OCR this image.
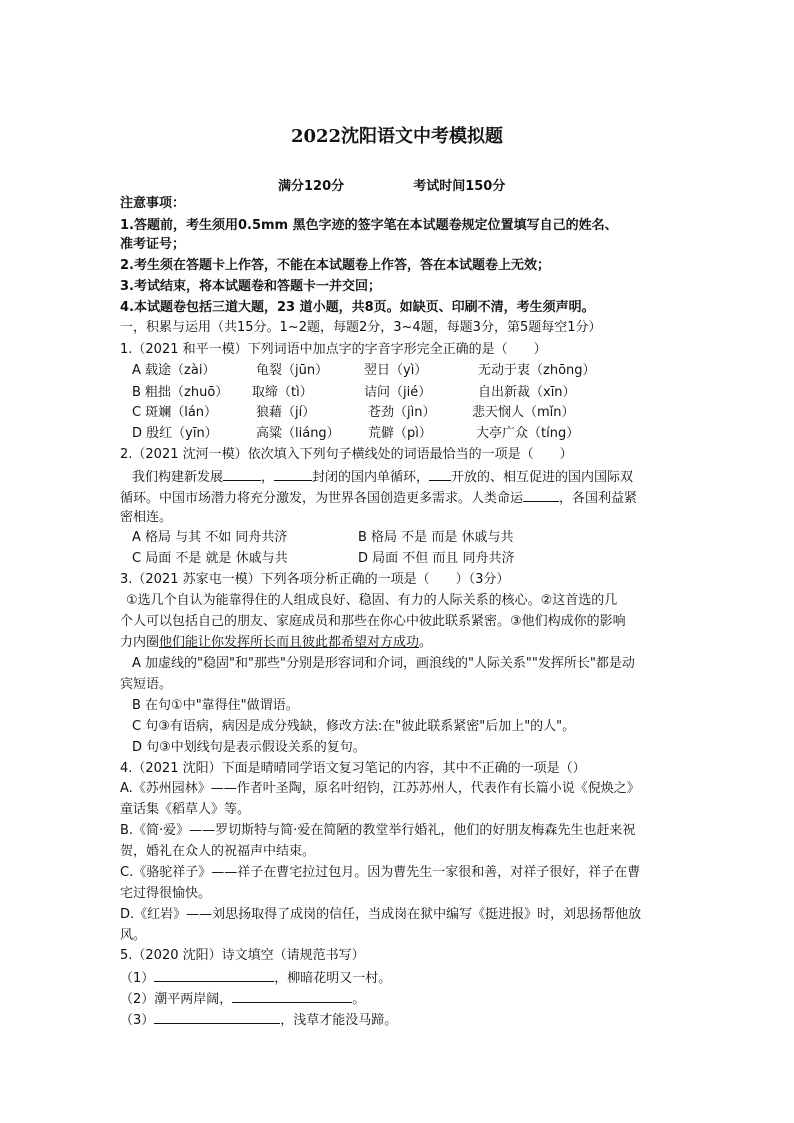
2022沈阳语文中考模拟题
满分120分	考试时间150分
注意事项：
1.答题前，考生须用0.5mm 黑色字迹的签字笔在本试题卷规定位置填写自己的姓名、
准考证号；
2.考生须在答题卡上作答，不能在本试题卷上作答，答在本试题卷上无效；
3.考试结束，将本试题卷和答题卡一并交回；
4.本试题卷包括三道大题，23 道小题，共8页。如缺页、印刷不清，考生须声明。
一，积累与运用（共15分。1~2题，每题2分，3~4题，每题3分，第5题每空1分）
1.（2021 和平一模）下列词语中加点字的字音字形完全正确的是（　　）
A 载途（zài）	龟裂（jūn）	翌日（yì）	无动于衷（zhōng）
B 粗拙（zhuō） 取缔（tì）	诘问（jié）	自出新裁（xīn）
C 斑斓（lán）	狼藉（jí）	苍劲（jìn）	悲天悯人（mǐn）
D 殷红（yīn）	高粱（liáng） 荒僻（pì）	大亭广众（tíng）
2.（2021 沈河一模）依次填入下列句子横线处的词语最恰当的一项是（　　）
我们构建新发展	，	封闭的国内单循环， 开放的、相互促进的国内国际双
循环。中国市场潜力将充分激发，为世界各国创造更多需求。人类命运	，各国利益紧
密相连。
A 格局 与其 不如 同舟共济	B 格局 不是 而是 休戚与共
C 局面 不是 就是 休戚与共	D 局面 不但 而且 同舟共济
3.（2021 苏家屯一模）下列各项分析正确的一项是（　　）（3分）
①选几个自认为能靠得住的人组成良好、稳固、有力的人际关系的核心。②这首选的几
个人可以包括自己的朋友、家庭成员和那些在你心中彼此联系紧密。③他们构成你的影响
力内圈他们能让你发挥所长而且彼此都希望对方成功。
A 加虚线的"稳固"和"那些"分别是形容词和介词，画浪线的"人际关系""发挥所长"都是动
宾短语。
B 在句①中"靠得住"做谓语。
C 句③有语病，病因是成分残缺，修改方法:在"彼此联系紧密"后加上"的人"。
D 句③中划线句是表示假设关系的复句。
4.（2021 沈阳）下面是晴晴同学语文复习笔记的内容，其中不正确的一项是（）
A.《苏州园林》——作者叶圣陶，原名叶绍钧，江苏苏州人，代表作有长篇小说《倪焕之》
童话集《稻草人》等。
B.《简·爱》——罗切斯特与简·爱在简陋的教堂举行婚礼，他们的好朋友梅森先生也赶来祝
贺，婚礼在众人的祝福声中结束。
C.《骆驼祥子》——祥子在曹宅拉过包月。因为曹先生一家很和善，对祥子很好，祥子在曹
宅过得很愉快。
D.《红岩》——刘思扬取得了成岗的信任，当成岗在狱中编写《挺进报》时，刘思扬帮他放
风。
5.（2020 沈阳）诗文填空（请规范书写）
（1）	，柳暗花明又一村。
（2）潮平两岸阔，	。
（3）	，浅草才能没马蹄。
